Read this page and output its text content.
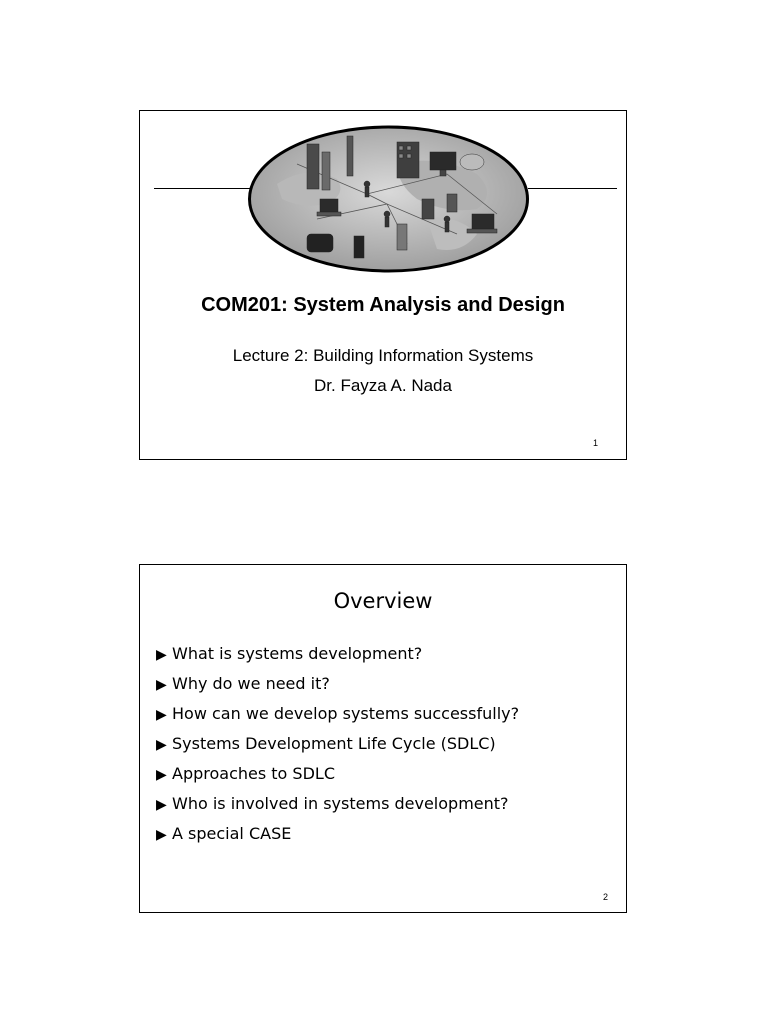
COM201: System Analysis and Design
Lecture 2: Building Information Systems
Dr. Fayza A. Nada
1
Overview
▶ What is systems development?
▶ Why do we need it?
▶ How can we develop systems successfully?
▶ Systems Development Life Cycle (SDLC)
▶ Approaches to SDLC
▶ Who is involved in systems development?
▶ A special CASE
2
